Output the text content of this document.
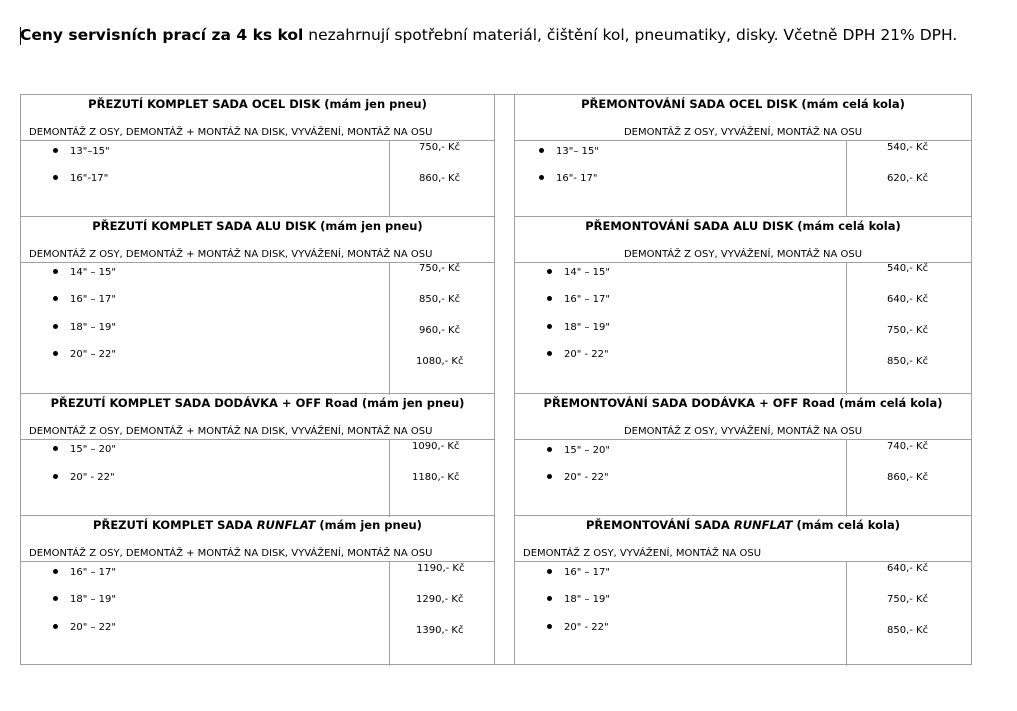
Ceny servisních prací za 4 ks kol nezahrnují spotřební materiál, čištění kol, pneumatiky, disky. Včetně DPH 21% DPH.
PŘEZUTÍ KOMPLET SADA OCEL DISK (mám jen pneu)
DEMONTÁŽ Z OSY, DEMONTÁŽ + MONTÁŽ NA DISK, VYVÁŽENÍ, MONTÁŽ NA OSU
13"–15"
16"-17"
750,- Kč
860,- Kč
PŘEZUTÍ KOMPLET SADA ALU DISK (mám jen pneu)
DEMONTÁŽ Z OSY, DEMONTÁŽ + MONTÁŽ NA DISK, VYVÁŽENÍ, MONTÁŽ NA OSU
14" – 15"
16" – 17"
18" – 19"
20" – 22"
750,- Kč
850,- Kč
960,- Kč
1080,- Kč
PŘEZUTÍ KOMPLET SADA DODÁVKA + OFF Road (mám jen pneu)
DEMONTÁŽ Z OSY, DEMONTÁŽ + MONTÁŽ NA DISK, VYVÁŽENÍ, MONTÁŽ NA OSU
15" – 20"
20" - 22"
1090,- Kč
1180,- Kč
PŘEZUTÍ KOMPLET SADA RUNFLAT (mám jen pneu)
DEMONTÁŽ Z OSY, DEMONTÁŽ + MONTÁŽ NA DISK, VYVÁŽENÍ, MONTÁŽ NA OSU
16" – 17"
18" – 19"
20" – 22"
1190,- Kč
1290,- Kč
1390,- Kč
PŘEMONTOVÁNÍ SADA OCEL DISK (mám celá kola)
DEMONTÁŽ Z OSY, VYVÁŽENÍ, MONTÁŽ NA OSU
13"– 15"
16"- 17"
540,- Kč
620,- Kč
PŘEMONTOVÁNÍ SADA ALU DISK (mám celá kola)
DEMONTÁŽ Z OSY, VYVÁŽENÍ, MONTÁŽ NA OSU
14" – 15"
16" – 17"
18" – 19"
20" - 22"
540,- Kč
640,- Kč
750,- Kč
850,- Kč
PŘEMONTOVÁNÍ SADA DODÁVKA + OFF Road (mám celá kola)
DEMONTÁŽ Z OSY, VYVÁŽENÍ, MONTÁŽ NA OSU
15" – 20"
20" - 22"
740,- Kč
860,- Kč
PŘEMONTOVÁNÍ SADA RUNFLAT (mám celá kola)
DEMONTÁŽ Z OSY, VYVÁŽENÍ, MONTÁŽ NA OSU
16" – 17"
18" – 19"
20" - 22"
640,- Kč
750,- Kč
850,- Kč
